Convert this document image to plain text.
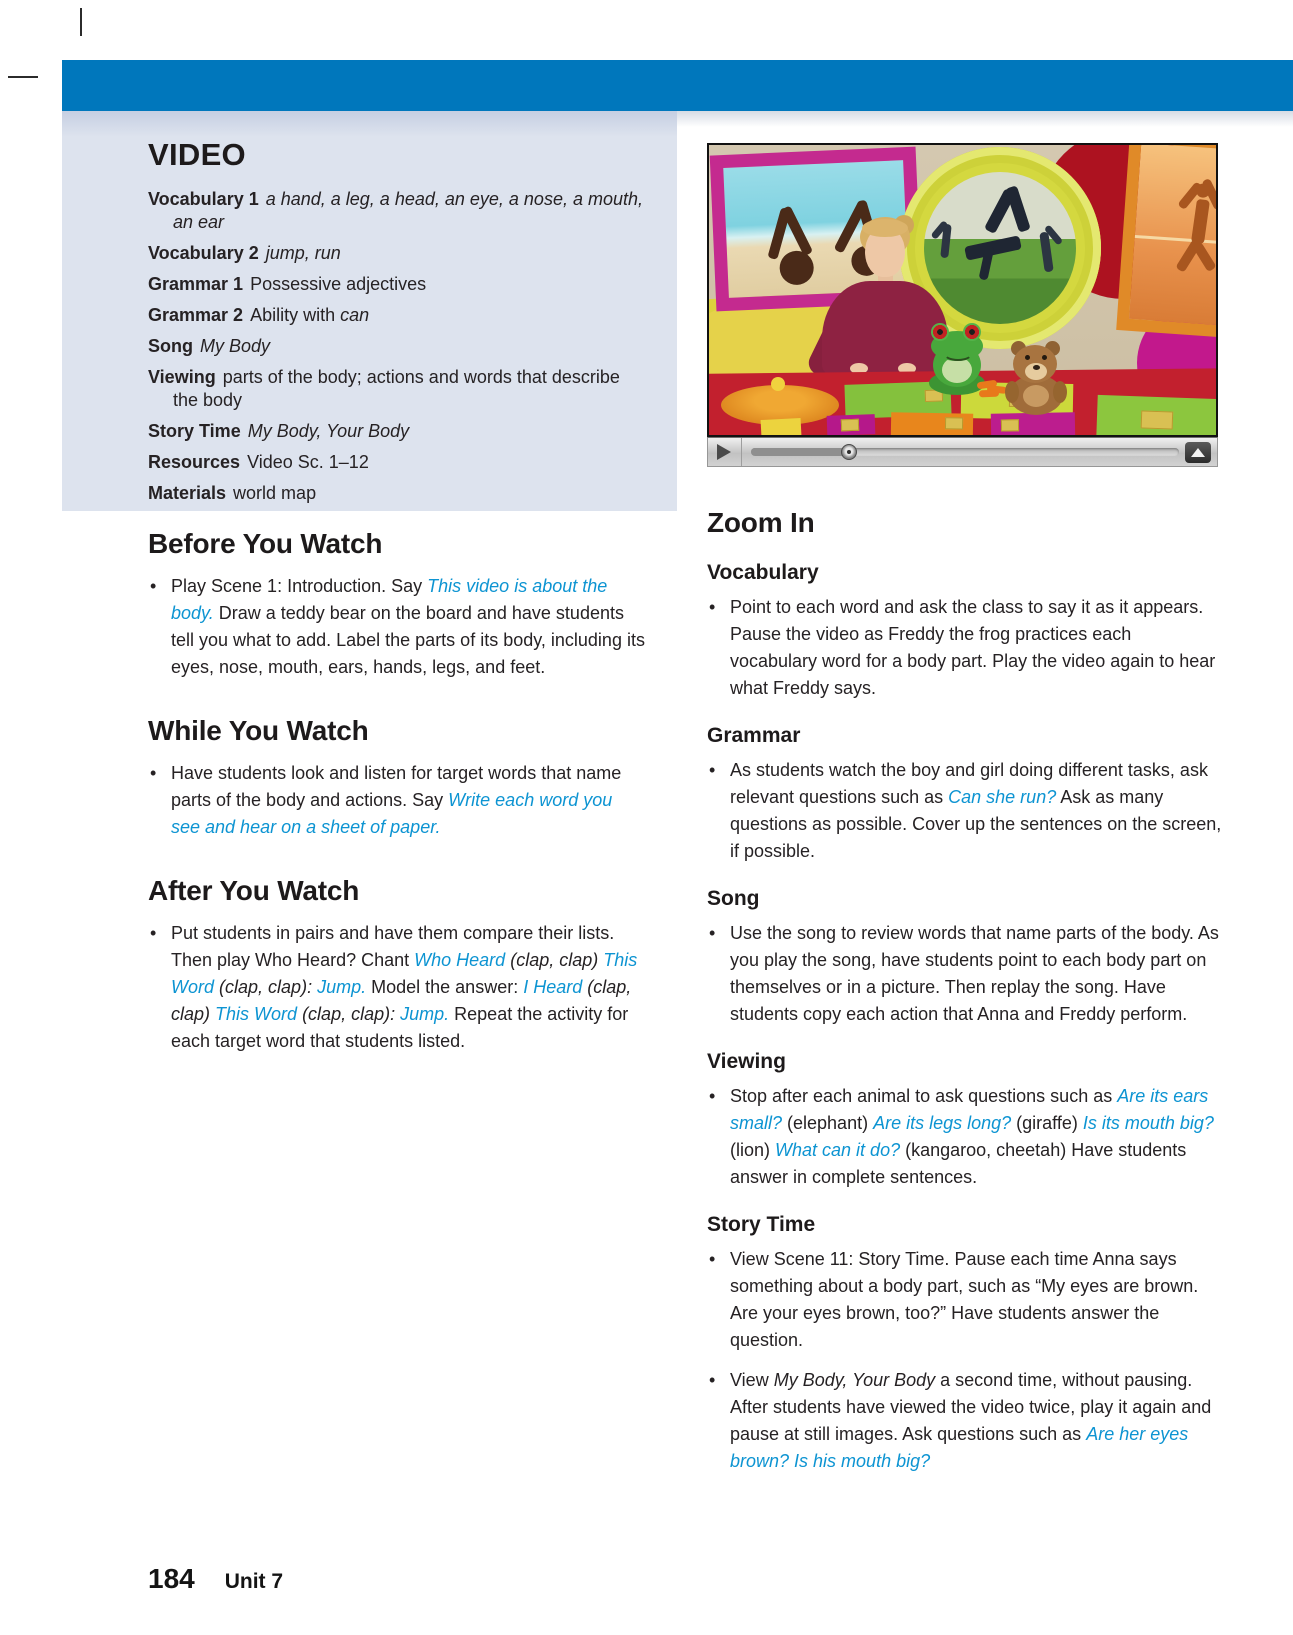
VIDEO
Vocabulary 1 a hand, a leg, a head, an eye, a nose, a mouth, an ear
Vocabulary 2 jump, run
Grammar 1 Possessive adjectives
Grammar 2 Ability with can
Song My Body
Viewing parts of the body; actions and words that describe the body
Story Time My Body, Your Body
Resources Video Sc. 1–12
Materials world map
Before You Watch
• Play Scene 1: Introduction. Say This video is about the body. Draw a teddy bear on the board and have students tell you what to add. Label the parts of its body, including its eyes, nose, mouth, ears, hands, legs, and feet.
While You Watch
• Have students look and listen for target words that name parts of the body and actions. Say Write each word you see and hear on a sheet of paper.
After You Watch
• Put students in pairs and have them compare their lists. Then play Who Heard? Chant Who Heard (clap, clap) This Word (clap, clap): Jump. Model the answer: I Heard (clap, clap) This Word (clap, clap): Jump. Repeat the activity for each target word that students listed.
Zoom In
Vocabulary
• Point to each word and ask the class to say it as it appears. Pause the video as Freddy the frog practices each vocabulary word for a body part. Play the video again to hear what Freddy says.
Grammar
• As students watch the boy and girl doing different tasks, ask relevant questions such as Can she run? Ask as many questions as possible. Cover up the sentences on the screen, if possible.
Song
• Use the song to review words that name parts of the body. As you play the song, have students point to each body part on themselves or in a picture. Then replay the song. Have students copy each action that Anna and Freddy perform.
Viewing
• Stop after each animal to ask questions such as Are its ears small? (elephant) Are its legs long? (giraffe) Is its mouth big? (lion) What can it do? (kangaroo, cheetah) Have students answer in complete sentences.
Story Time
• View Scene 11: Story Time. Pause each time Anna says something about a body part, such as “My eyes are brown. Are your eyes brown, too?” Have students answer the question.
• View My Body, Your Body a second time, without pausing. After students have viewed the video twice, play it again and pause at still images. Ask questions such as Are her eyes brown? Is his mouth big?
184 Unit 7
